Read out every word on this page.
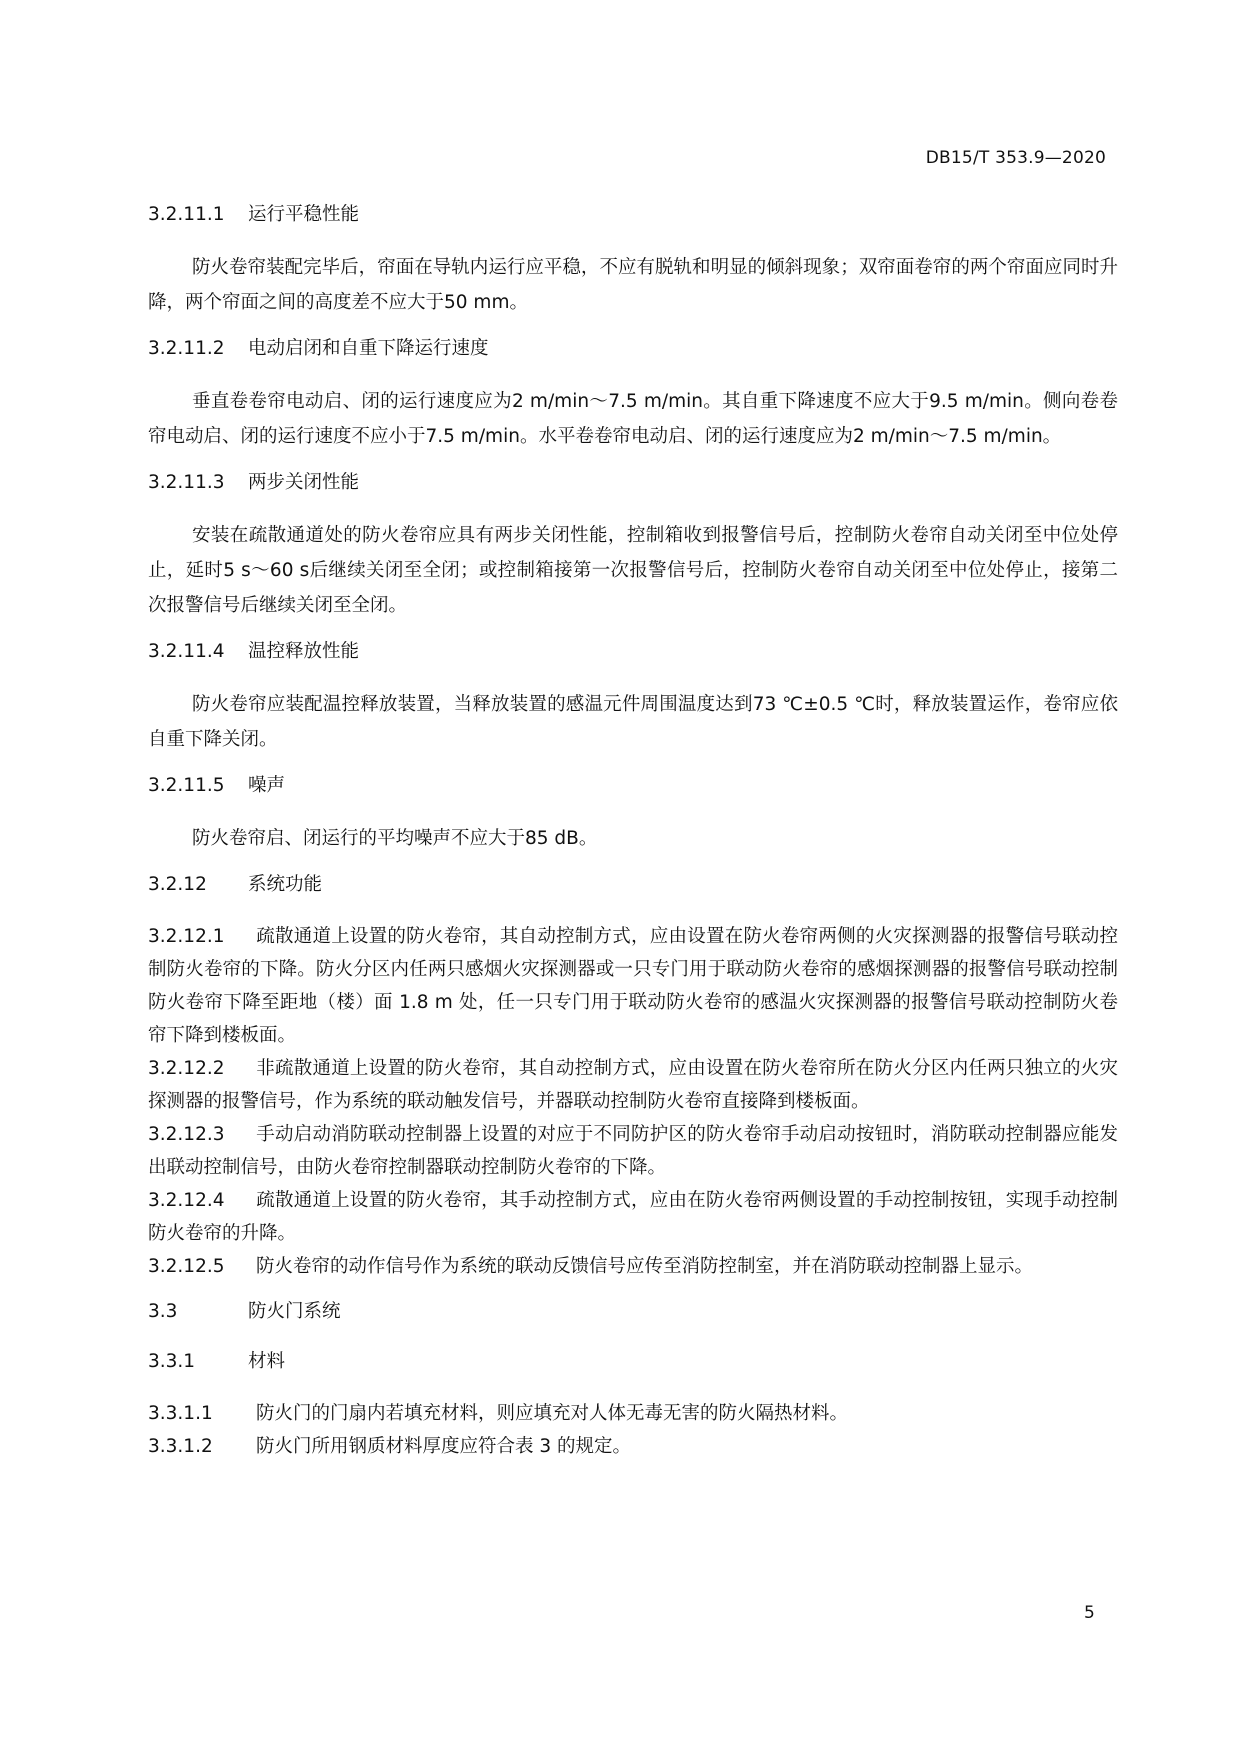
DB15/T 353.9—2020
3.2.11.1 运行平稳性能
防火卷帘装配完毕后，帘面在导轨内运行应平稳，不应有脱轨和明显的倾斜现象；双帘面卷帘的两个帘面应同时升降，两个帘面之间的高度差不应大于50 mm。
3.2.11.2 电动启闭和自重下降运行速度
垂直卷卷帘电动启、闭的运行速度应为2 m/min～7.5 m/min。其自重下降速度不应大于9.5 m/min。侧向卷卷帘电动启、闭的运行速度不应小于7.5 m/min。水平卷卷帘电动启、闭的运行速度应为2 m/min～7.5 m/min。
3.2.11.3 两步关闭性能
安装在疏散通道处的防火卷帘应具有两步关闭性能，控制箱收到报警信号后，控制防火卷帘自动关闭至中位处停止，延时5 s～60 s后继续关闭至全闭；或控制箱接第一次报警信号后，控制防火卷帘自动关闭至中位处停止，接第二次报警信号后继续关闭至全闭。
3.2.11.4 温控释放性能
防火卷帘应装配温控释放装置，当释放装置的感温元件周围温度达到73 ℃±0.5 ℃时，释放装置运作，卷帘应依自重下降关闭。
3.2.11.5 噪声
防火卷帘启、闭运行的平均噪声不应大于85 dB。
3.2.12 系统功能
3.2.12.1 疏散通道上设置的防火卷帘，其自动控制方式，应由设置在防火卷帘两侧的火灾探测器的报警信号联动控制防火卷帘的下降。防火分区内任两只感烟火灾探测器或一只专门用于联动防火卷帘的感烟探测器的报警信号联动控制防火卷帘下降至距地（楼）面 1.8 m 处，任一只专门用于联动防火卷帘的感温火灾探测器的报警信号联动控制防火卷帘下降到楼板面。
3.2.12.2 非疏散通道上设置的防火卷帘，其自动控制方式，应由设置在防火卷帘所在防火分区内任两只独立的火灾探测器的报警信号，作为系统的联动触发信号，并器联动控制防火卷帘直接降到楼板面。
3.2.12.3 手动启动消防联动控制器上设置的对应于不同防护区的防火卷帘手动启动按钮时，消防联动控制器应能发出联动控制信号，由防火卷帘控制器联动控制防火卷帘的下降。
3.2.12.4 疏散通道上设置的防火卷帘，其手动控制方式，应由在防火卷帘两侧设置的手动控制按钮，实现手动控制防火卷帘的升降。
3.2.12.5 防火卷帘的动作信号作为系统的联动反馈信号应传至消防控制室，并在消防联动控制器上显示。
3.3	防火门系统
3.3.1	材料
3.3.1.1 防火门的门扇内若填充材料，则应填充对人体无毒无害的防火隔热材料。
3.3.1.2 防火门所用钢质材料厚度应符合表 3 的规定。
5
